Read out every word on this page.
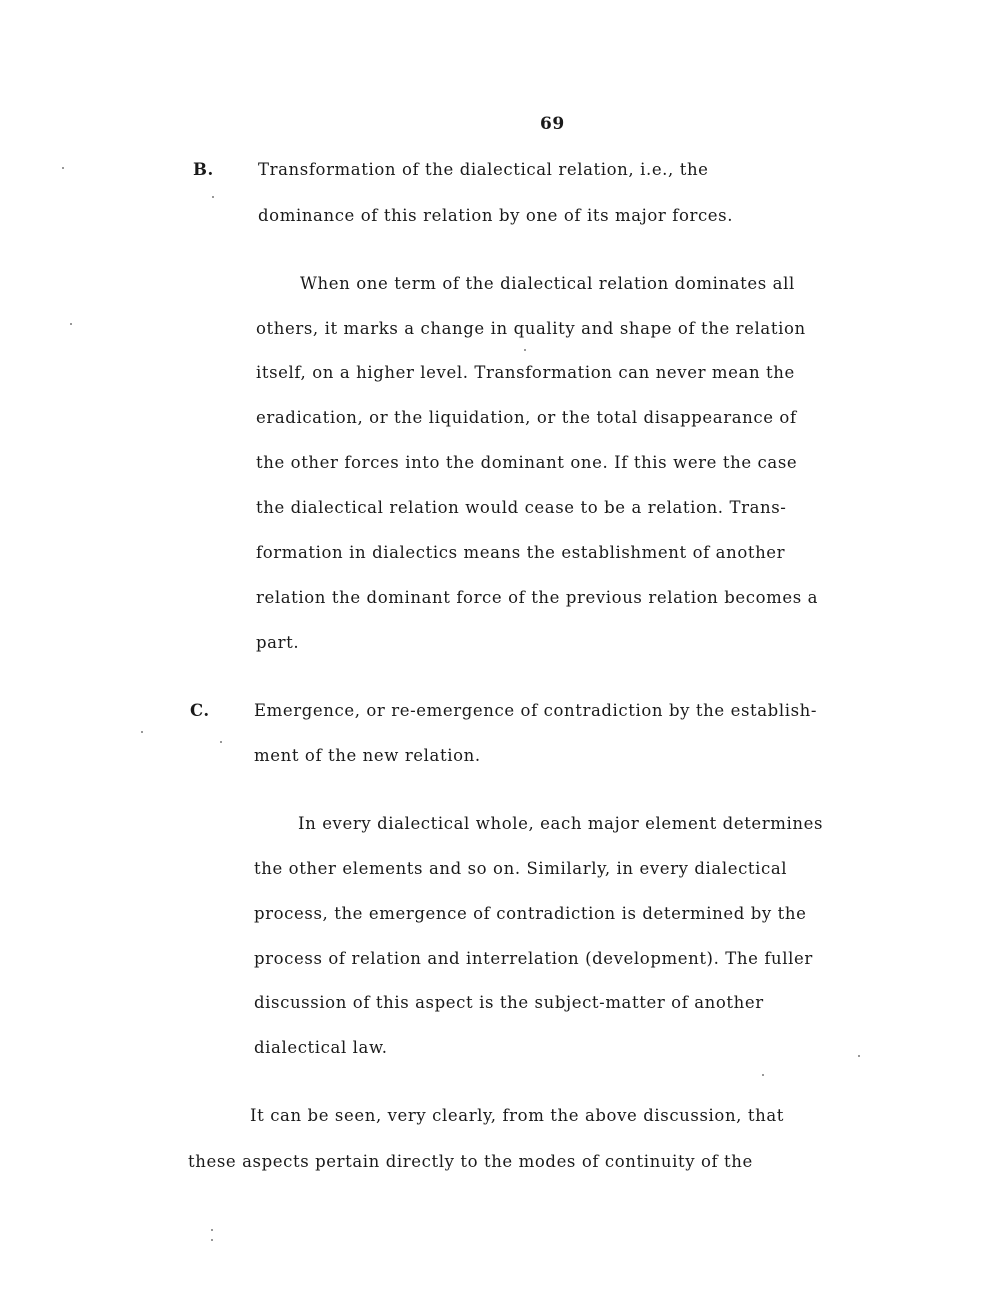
69
B.	Transformation of the dialectical relation, i.e., the
dominance of this relation by one of its major forces.
When one term of the dialectical relation dominates all
others, it marks a change in quality and shape of the relation
itself, on a higher level. Transformation can never mean the
eradication, or the liquidation, or the total disappearance of
the other forces into the dominant one. If this were the case
the dialectical relation would cease to be a relation. Trans-
formation in dialectics means the establishment of another
relation the dominant force of the previous relation becomes a
part.
C.	Emergence, or re-emergence of contradiction by the establish-
ment of the new relation.
In every dialectical whole, each major element determines
the other elements and so on. Similarly, in every dialectical
process, the emergence of contradiction is determined by the
process of relation and interrelation (development). The fuller
discussion of this aspect is the subject-matter of another
dialectical law.
It can be seen, very clearly, from the above discussion, that
these aspects pertain directly to the modes of continuity of the
